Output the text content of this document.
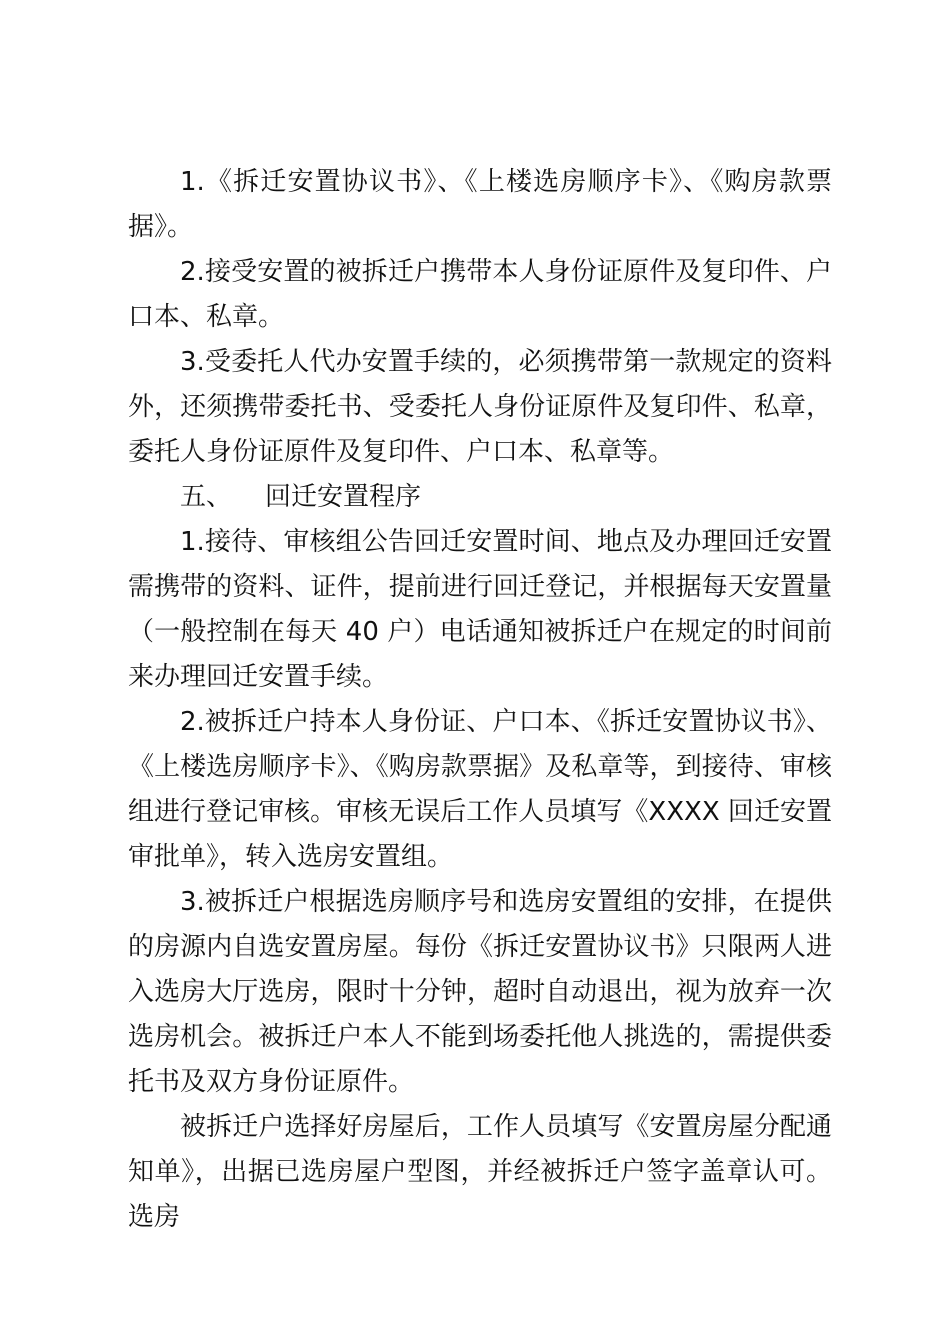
1.《拆迁安置协议书》、《上楼选房顺序卡》、《购房款票据》。

2.接受安置的被拆迁户携带本人身份证原件及复印件、户口本、私章。

3.受委托人代办安置手续的，必须携带第一款规定的资料外，还须携带委托书、受委托人身份证原件及复印件、私章，委托人身份证原件及复印件、户口本、私章等。

五、    回迁安置程序

1.接待、审核组公告回迁安置时间、地点及办理回迁安置需携带的资料、证件，提前进行回迁登记，并根据每天安置量（一般控制在每天 40 户）电话通知被拆迁户在规定的时间前来办理回迁安置手续。

2.被拆迁户持本人身份证、户口本、《拆迁安置协议书》、《上楼选房顺序卡》、《购房款票据》及私章等，到接待、审核组进行登记审核。审核无误后工作人员填写《XXXX 回迁安置审批单》，转入选房安置组。

3.被拆迁户根据选房顺序号和选房安置组的安排，在提供的房源内自选安置房屋。每份《拆迁安置协议书》只限两人进入选房大厅选房，限时十分钟，超时自动退出，视为放弃一次选房机会。被拆迁户本人不能到场委托他人挑选的，需提供委托书及双方身份证原件。

被拆迁户选择好房屋后，工作人员填写《安置房屋分配通知单》，出据已选房屋户型图，并经被拆迁户签字盖章认可。选房
